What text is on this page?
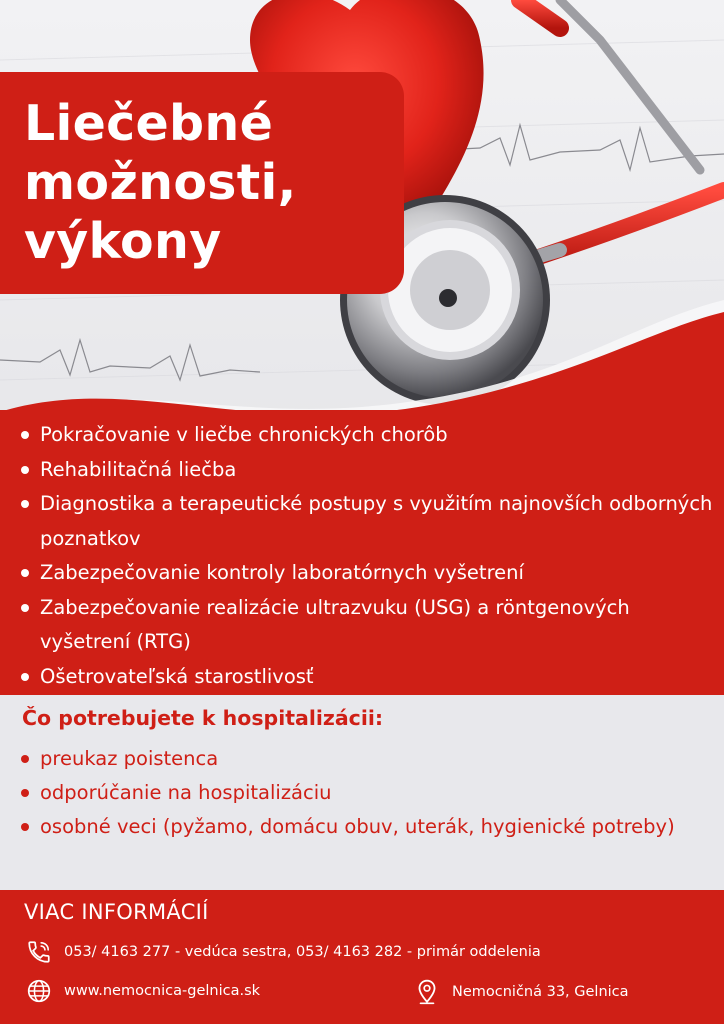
Liečebné
možnosti,
výkony
Pokračovanie v liečbe chronických chorôb
Rehabilitačná liečba
Diagnostika a terapeutické postupy s využitím najnovších odborných poznatkov
Zabezpečovanie kontroly laboratórnych vyšetrení
Zabezpečovanie realizácie ultrazvuku (USG) a röntgenových vyšetrení (RTG)
Ošetrovateľská starostlivosť
Čo potrebujete k hospitalizácii:
preukaz poistenca
odporúčanie na hospitalizáciu
osobné veci (pyžamo, domácu obuv, uterák, hygienické potreby)
VIAC INFORMÁCIÍ
053/ 4163 277 - vedúca sestra, 053/ 4163 282 - primár oddelenia
www.nemocnica-gelnica.sk	Nemocničná 33, Gelnica
